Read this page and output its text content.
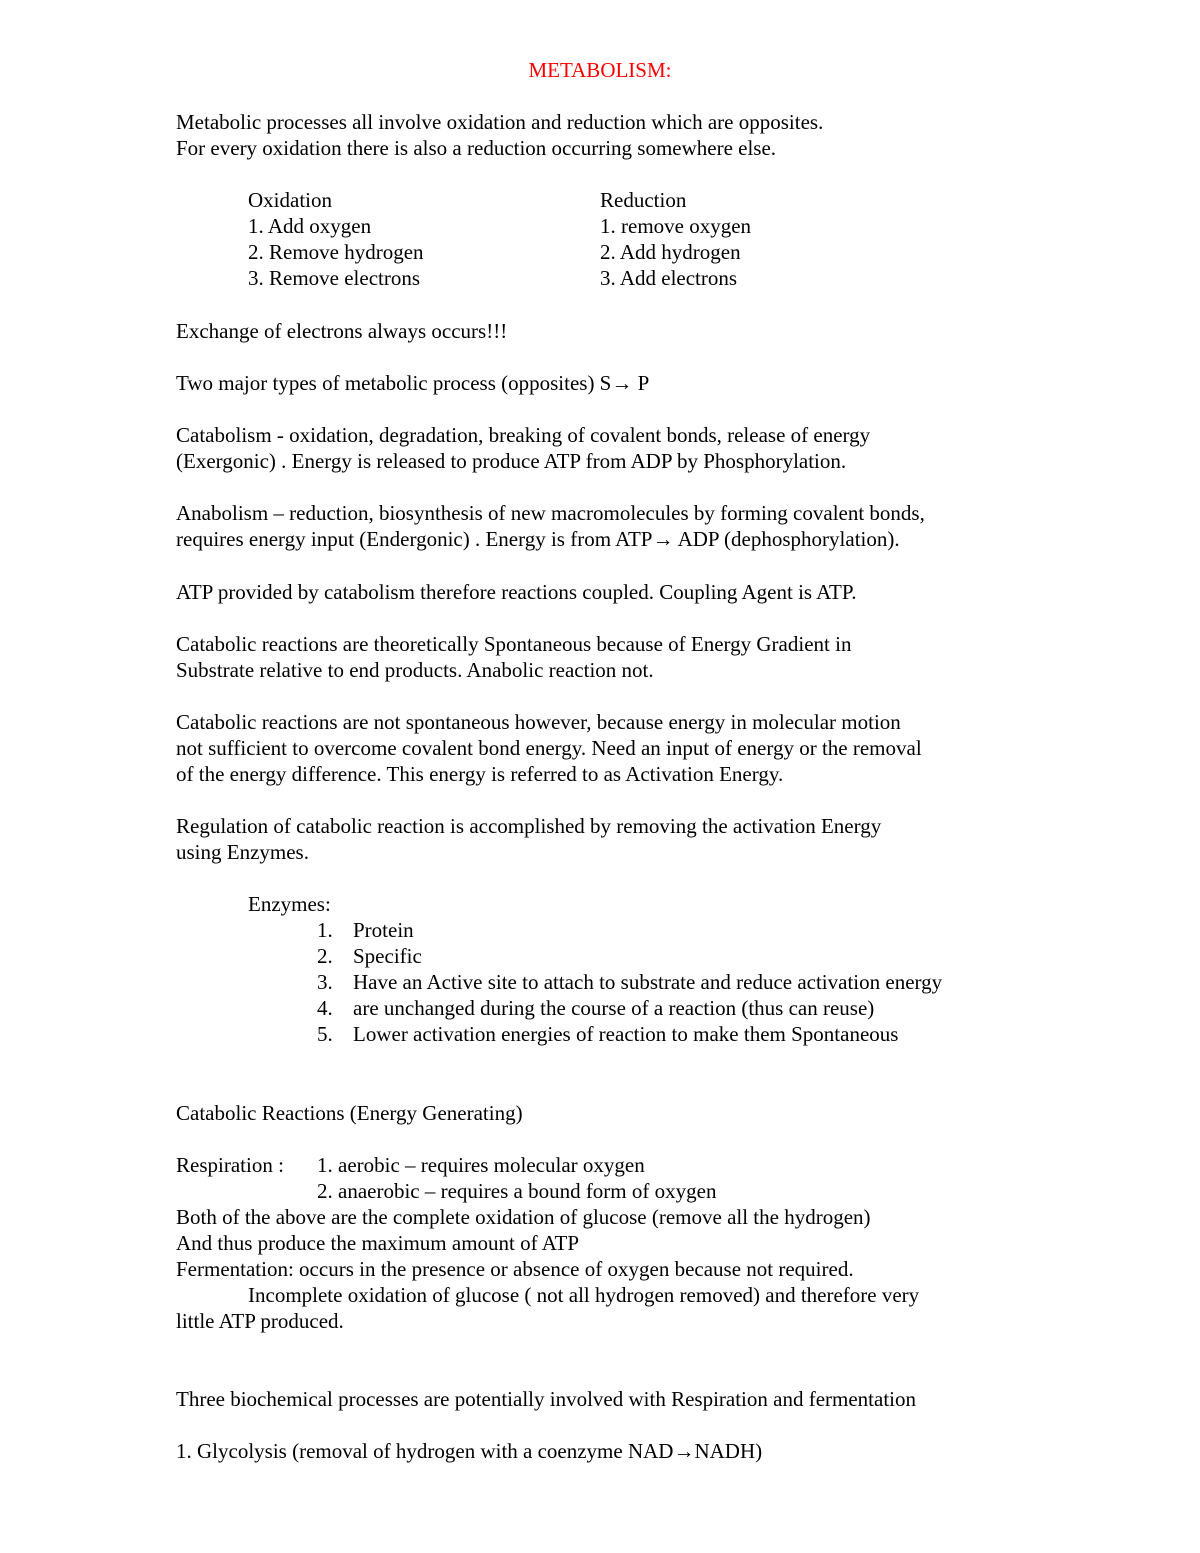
METABOLISM:
Metabolic processes all involve oxidation and reduction which are opposites.
For every oxidation there is also a reduction occurring somewhere else.
Oxidation
1. Add oxygen
2. Remove hydrogen
3. Remove electrons
Reduction
1. remove oxygen
2. Add hydrogen
3. Add electrons
Exchange of electrons always occurs!!!
Two major types of metabolic process (opposites) S→ P
Catabolism - oxidation, degradation, breaking of covalent bonds, release of energy
(Exergonic) . Energy is released to produce ATP from ADP by Phosphorylation.
Anabolism – reduction, biosynthesis of new macromolecules by forming covalent bonds,
requires energy input (Endergonic) . Energy is from ATP→ ADP (dephosphorylation).
ATP provided by catabolism therefore reactions coupled. Coupling Agent is ATP.
Catabolic reactions are theoretically Spontaneous because of Energy Gradient in
Substrate relative to end products. Anabolic reaction not.
Catabolic reactions are not spontaneous however, because energy in molecular motion
not sufficient to overcome covalent bond energy. Need an input of energy or the removal
of the energy difference. This energy is referred to as Activation Energy.
Regulation of catabolic reaction is accomplished by removing the activation Energy
using Enzymes.
Enzymes:
1. Protein
2. Specific
3. Have an Active site to attach to substrate and reduce activation energy
4. are unchanged during the course of a reaction (thus can reuse)
5. Lower activation energies of reaction to make them Spontaneous
Catabolic Reactions (Energy Generating)
Respiration : 1. aerobic – requires molecular oxygen
2. anaerobic – requires a bound form of oxygen
Both of the above are the complete oxidation of glucose (remove all the hydrogen)
And thus produce the maximum amount of ATP
Fermentation: occurs in the presence or absence of oxygen because not required.
Incomplete oxidation of glucose ( not all hydrogen removed) and therefore very
little ATP produced.
Three biochemical processes are potentially involved with Respiration and fermentation
1. Glycolysis (removal of hydrogen with a coenzyme NAD→NADH)
